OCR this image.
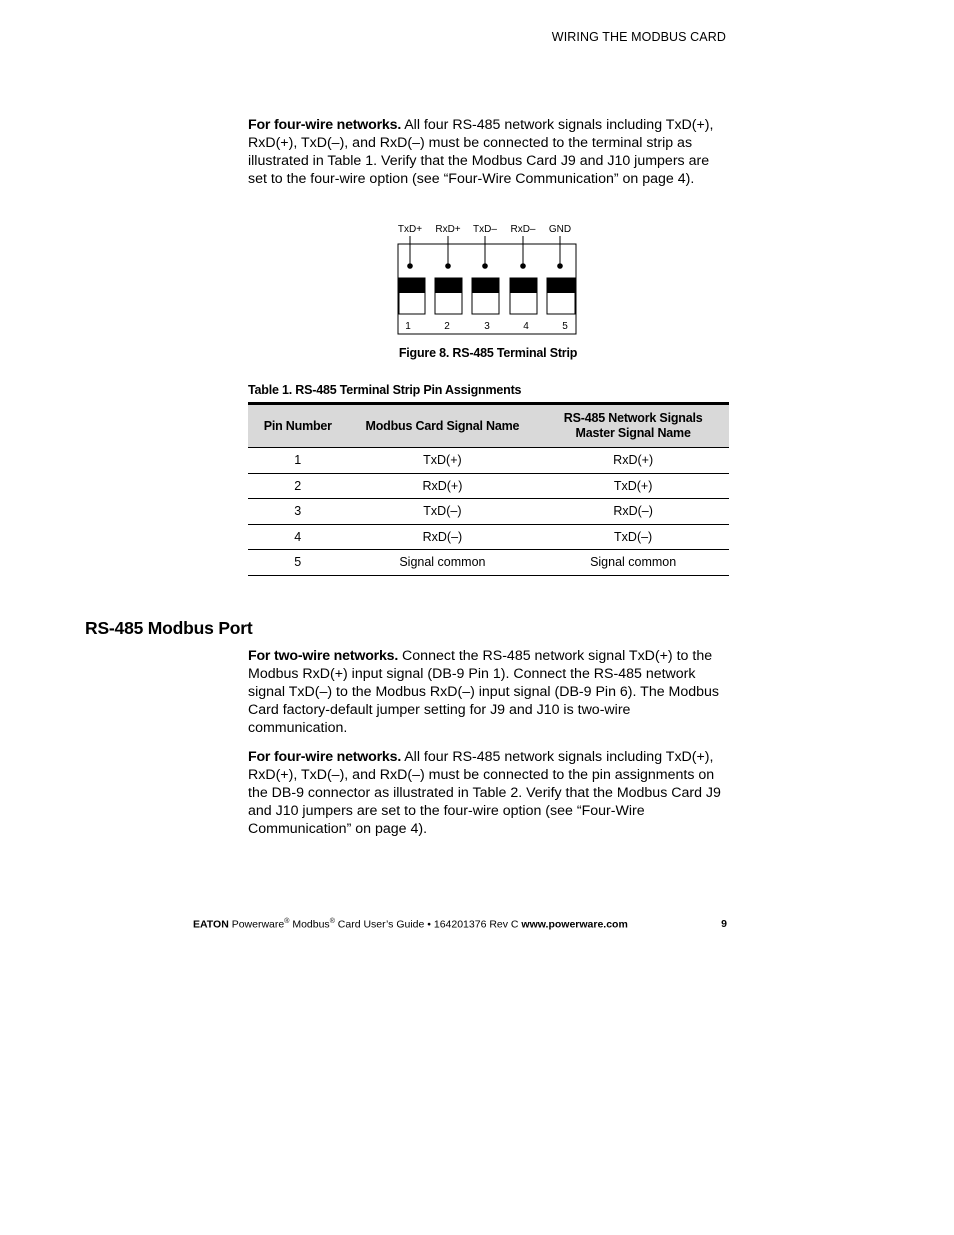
WIRING THE MODBUS CARD

For four-wire networks. All four RS-485 network signals including TxD(+), RxD(+), TxD(–), and RxD(–) must be connected to the terminal strip as illustrated in Table 1. Verify that the Modbus Card J9 and J10 jumpers are set to the four-wire option (see “Four-Wire Communication” on page 4).

TxD+ RxD+ TxD– RxD– GND
1	2	3	4	5
Figure 8. RS-485 Terminal Strip
Table 1. RS-485 Terminal Strip Pin Assignments
Pin Number	Modbus Card Signal Name	RS-485 Network Signals
Master Signal Name
1	TxD(+)	RxD(+)
2	RxD(+)	TxD(+)
3	TxD(–)	RxD(–)
4	RxD(–)	TxD(–)
5	Signal common	Signal common
RS-485 Modbus Port

For two-wire networks. Connect the RS-485 network signal TxD(+) to the Modbus RxD(+) input signal (DB-9 Pin 1). Connect the RS-485 network signal TxD(–) to the Modbus RxD(–) input signal (DB-9 Pin 6). The Modbus Card factory-default jumper setting for J9 and J10 is two-wire communication.

For four-wire networks. All four RS-485 network signals including TxD(+), RxD(+), TxD(–), and RxD(–) must be connected to the pin assignments on the DB-9 connector as illustrated in Table 2. Verify that the Modbus Card J9 and J10 jumpers are set to the four-wire option (see “Four-Wire Communication” on page 4).

EATON Powerware® Modbus® Card User’s Guide • 164201376 Rev C www.powerware.com	9
